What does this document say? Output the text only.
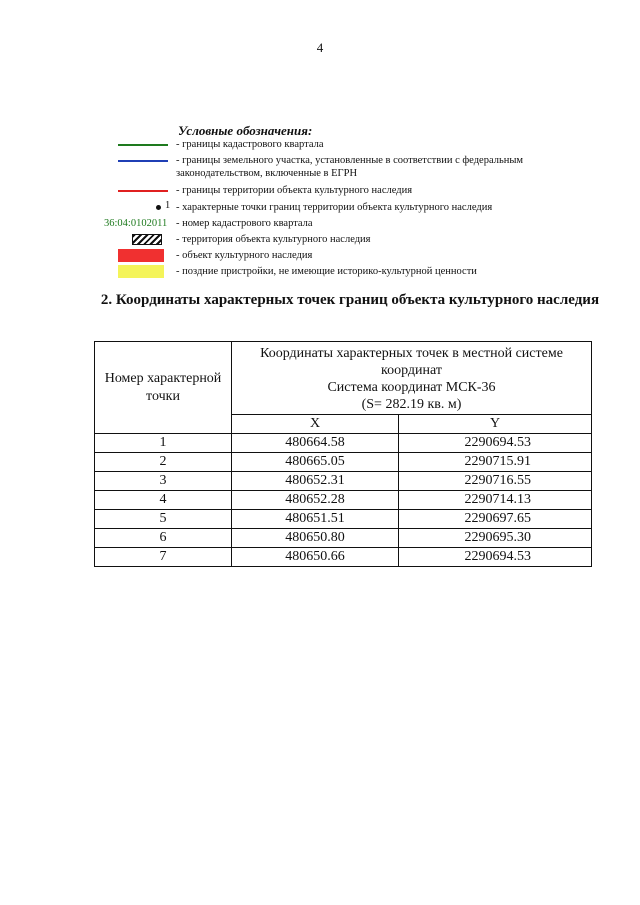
4
Условные обозначения:
- границы кадастрового квартала
- границы земельного участка, установленные в соответствии с федеральным законодательством, включенные в ЕГРН
- границы территории объекта культурного наследия
1 - характерные точки границ территории объекта культурного наследия
36:04:0102011 - номер кадастрового квартала
- территория объекта культурного наследия
- объект культурного наследия
- поздние пристройки, не имеющие историко-культурной ценности
2. Координаты характерных точек границ объекта культурного наследия
Номер характерной точки	Координаты характерных точек в местной системе координат
Система координат МСК-36
(S= 282.19 кв. м)	

	X	Y
1	480664.58	2290694.53
2	480665.05	2290715.91
3	480652.31	2290716.55
4	480652.28	2290714.13
5	480651.51	2290697.65
6	480650.80	2290695.30
7	480650.66	2290694.53
